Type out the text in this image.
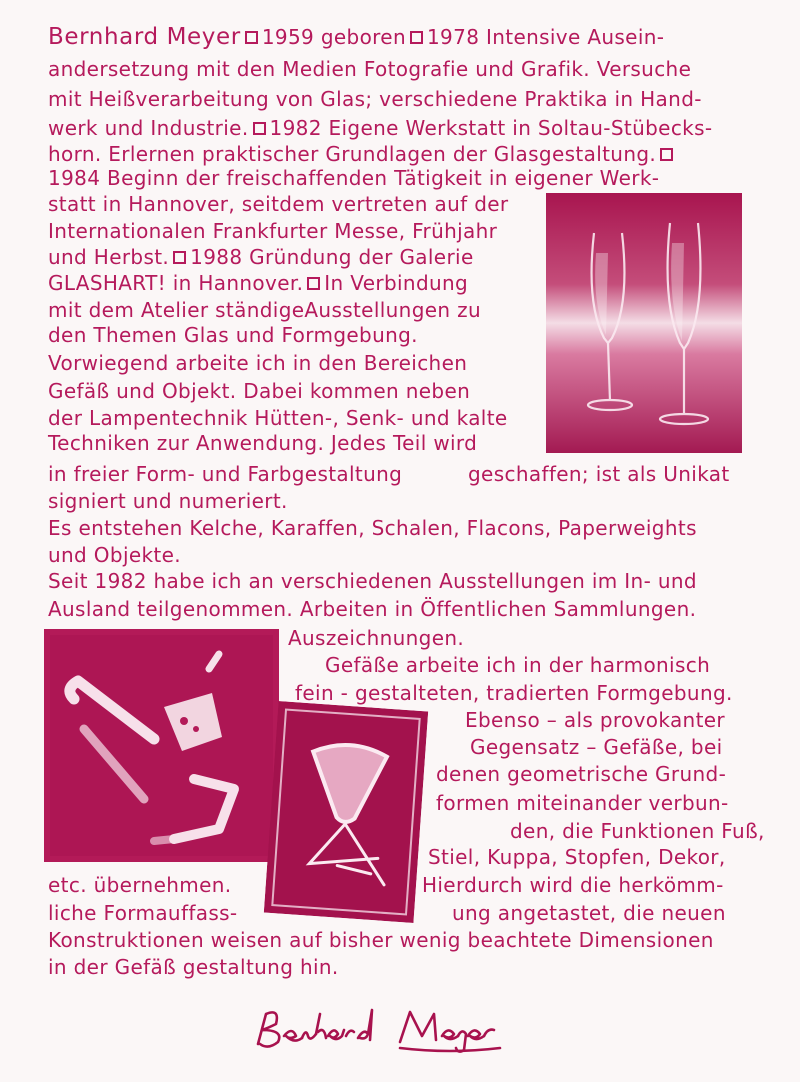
Bernhard Meyer 1959 geboren 1978 Intensive Ausein-
andersetzung mit den Medien Fotografie und Grafik. Versuche
mit Heißverarbeitung von Glas; verschiedene Praktika in Hand-
werk und Industrie. 1982 Eigene Werkstatt in Soltau-Stübecks-
horn. Erlernen praktischer Grundlagen der Glasgestaltung.
1984 Beginn der freischaffenden Tätigkeit in eigener Werk-
statt in Hannover, seitdem vertreten auf der
Internationalen Frankfurter Messe, Frühjahr
und Herbst. 1988 Gründung der Galerie
GLASHART! in Hannover. In Verbindung
mit dem Atelier ständigeAusstellungen zu
den Themen Glas und Formgebung.
Vorwiegend arbeite ich in den Bereichen
Gefäß und Objekt. Dabei kommen neben
der Lampentechnik Hütten-, Senk- und kalte
Techniken zur Anwendung. Jedes Teil wird
in freier Form- und Farbgestaltung	geschaffen; ist als Unikat
signiert und numeriert.
Es entstehen Kelche, Karaffen, Schalen, Flacons, Paperweights
und Objekte.
Seit 1982 habe ich an verschiedenen Ausstellungen im In- und
Ausland teilgenommen. Arbeiten in Öffentlichen Sammlungen.
Auszeichnungen.
Gefäße arbeite ich in der harmonisch
fein - gestalteten, tradierten Formgebung.
Ebenso – als provokanter
Gegensatz – Gefäße, bei
denen geometrische Grund-
formen miteinander verbun-
den, die Funktionen Fuß,
Stiel, Kuppa, Stopfen, Dekor,
etc. übernehmen.	Hierdurch wird die herkömm-
liche Formauffass-	ung angetastet, die neuen
Konstruktionen weisen auf bisher wenig beachtete Dimensionen
in der Gefäß gestaltung hin.
